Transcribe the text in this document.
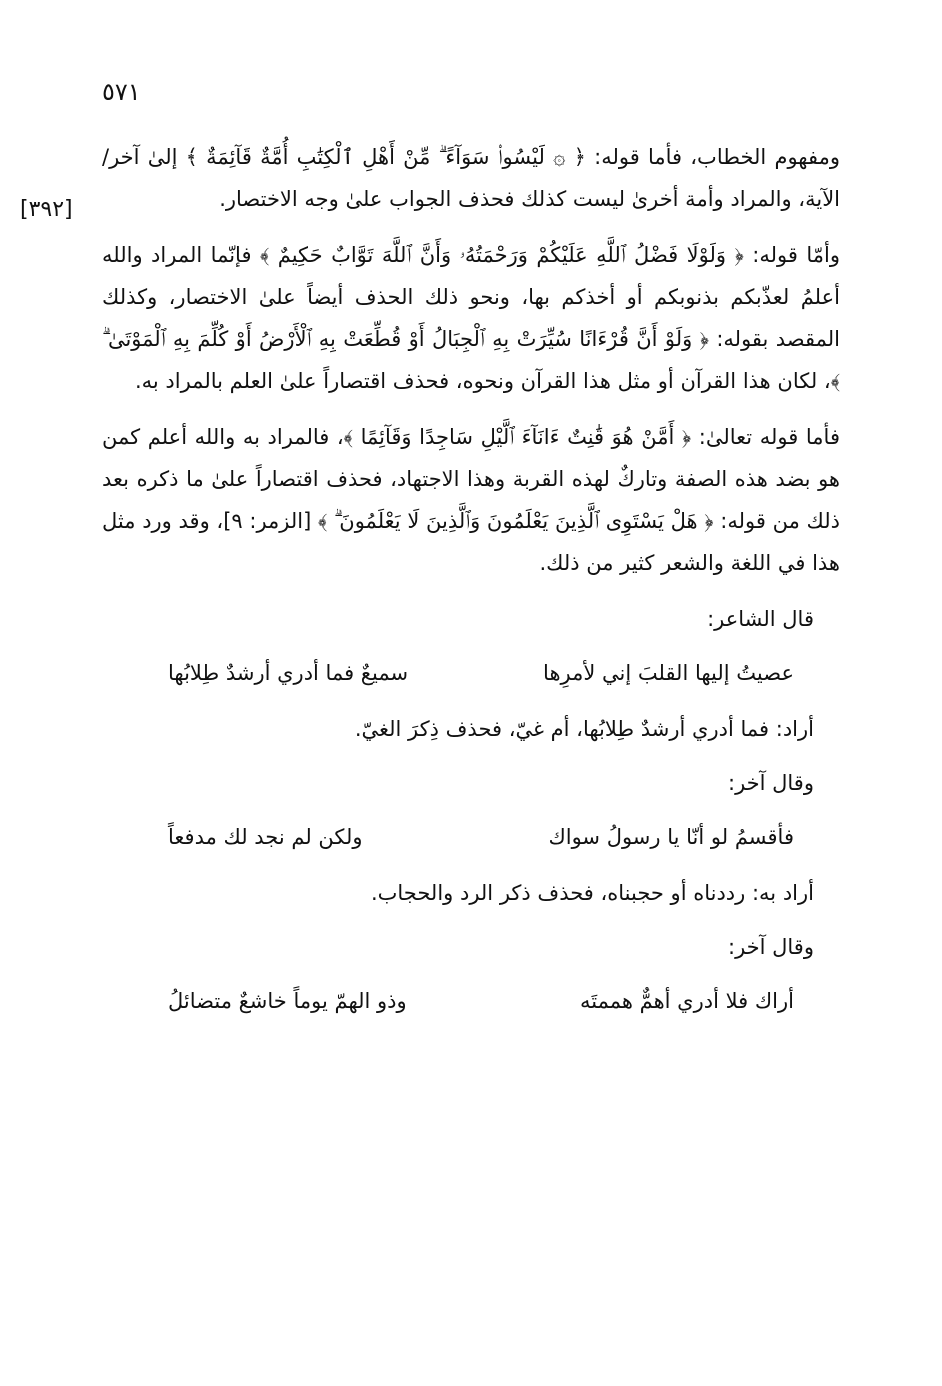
٥٧١
[٣٩٢]

ومفهوم الخطاب، فأما قوله: ﴿ ۞ لَيْسُوا۟ سَوَآءً ۗ مِّنْ أَهْلِ ٱلْكِتَٰبِ أُمَّةٌ قَآئِمَةٌ ﴾ إلىٰ آخر/ الآية، والمراد وأمة أخرىٰ ليست كذلك فحذف الجواب علىٰ وجه الاختصار.

وأمّا قوله: ﴿ وَلَوْلَا فَضْلُ ٱللَّهِ عَلَيْكُمْ وَرَحْمَتُهُۥ وَأَنَّ ٱللَّهَ تَوَّابٌ حَكِيمٌ ﴾ فإنّما المراد والله أعلمُ لعذّبكم بذنوبكم أو أخذكم بها، ونحو ذلك الحذف أيضاً علىٰ الاختصار، وكذلك المقصد بقوله: ﴿ وَلَوْ أَنَّ قُرْءَانًا سُيِّرَتْ بِهِ ٱلْجِبَالُ أَوْ قُطِّعَتْ بِهِ ٱلْأَرْضُ أَوْ كُلِّمَ بِهِ ٱلْمَوْتَىٰ ۗ ﴾، لكان هذا القرآن أو مثل هذا القرآن ونحوه، فحذف اقتصاراً علىٰ العلم بالمراد به.

فأما قوله تعالىٰ: ﴿ أَمَّنْ هُوَ قَٰنِتٌ ءَانَآءَ ٱلَّيْلِ سَاجِدًا وَقَآئِمًا ﴾، فالمراد به والله أعلم كمن هو بضد هذه الصفة وتاركٌ لهذه القربة وهذا الاجتهاد، فحذف اقتصاراً علىٰ ما ذكره بعد ذلك من قوله: ﴿ هَلْ يَسْتَوِى ٱلَّذِينَ يَعْلَمُونَ وَٱلَّذِينَ لَا يَعْلَمُونَ ۗ ﴾ [الزمر: ٩]، وقد ورد مثل هذا في اللغة والشعر كثير من ذلك.

قال الشاعر:
عصيتُ إليها القلبَ إني لأمرِها
سميعٌ فما أدري أرشدٌ طِلابُها
أراد: فما أدري أرشدٌ طِلابُها، أم غيّ، فحذف ذِكرَ الغيّ.
وقال آخر:
فأقسمُ لو أنّا يا رسولُ سواك
ولكن لم نجد لك مدفعاً
أراد به: رددناه أو حجبناه، فحذف ذكر الرد والحجاب.
وقال آخر:
أراك فلا أدري أهمٌّ هممتَه
وذو الهمّ يوماً خاشعٌ متضائلُ
